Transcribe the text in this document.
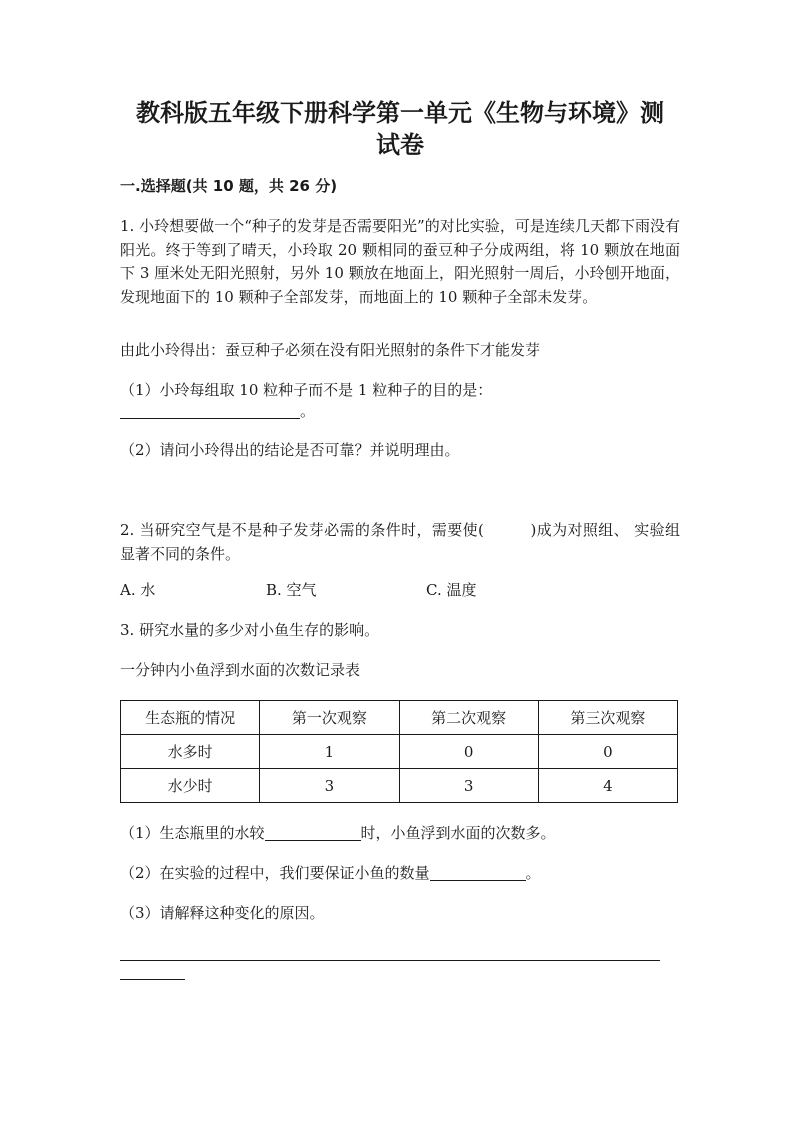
教科版五年级下册科学第一单元《生物与环境》测
试卷
一.选择题(共 10 题，共 26 分)

1. 小玲想要做一个“种子的发芽是否需要阳光”的对比实验，可是连续几天都下雨没有阳光。终于等到了晴天，小玲取 20 颗相同的蚕豆种子分成两组，将 10 颗放在地面下 3 厘米处无阳光照射，另外 10 颗放在地面上，阳光照射一周后，小玲刨开地面，发现地面下的 10 颗种子全部发芽，而地面上的 10 颗种子全部未发芽。

由此小玲得出：蚕豆种子必须在没有阳光照射的条件下才能发芽

（1）小玲每组取 10 粒种子而不是 1 粒种子的目的是：

。

（2）请问小玲得出的结论是否可靠？并说明理由。

2. 当研究空气是不是种子发芽必需的条件时，需要使(　　　)成为对照组、 实验组显著不同的条件。

A. 水	B. 空气	C. 温度

3. 研究水量的多少对小鱼生存的影响。

一分钟内小鱼浮到水面的次数记录表

生态瓶的情况	第一次观察	第二次观察	第三次观察
水多时	1	0	0
水少时	3	3	4

（1）生态瓶里的水较	时，小鱼浮到水面的次数多。

（2）在实验的过程中，我们要保证小鱼的数量	。

（3）请解释这种变化的原因。
